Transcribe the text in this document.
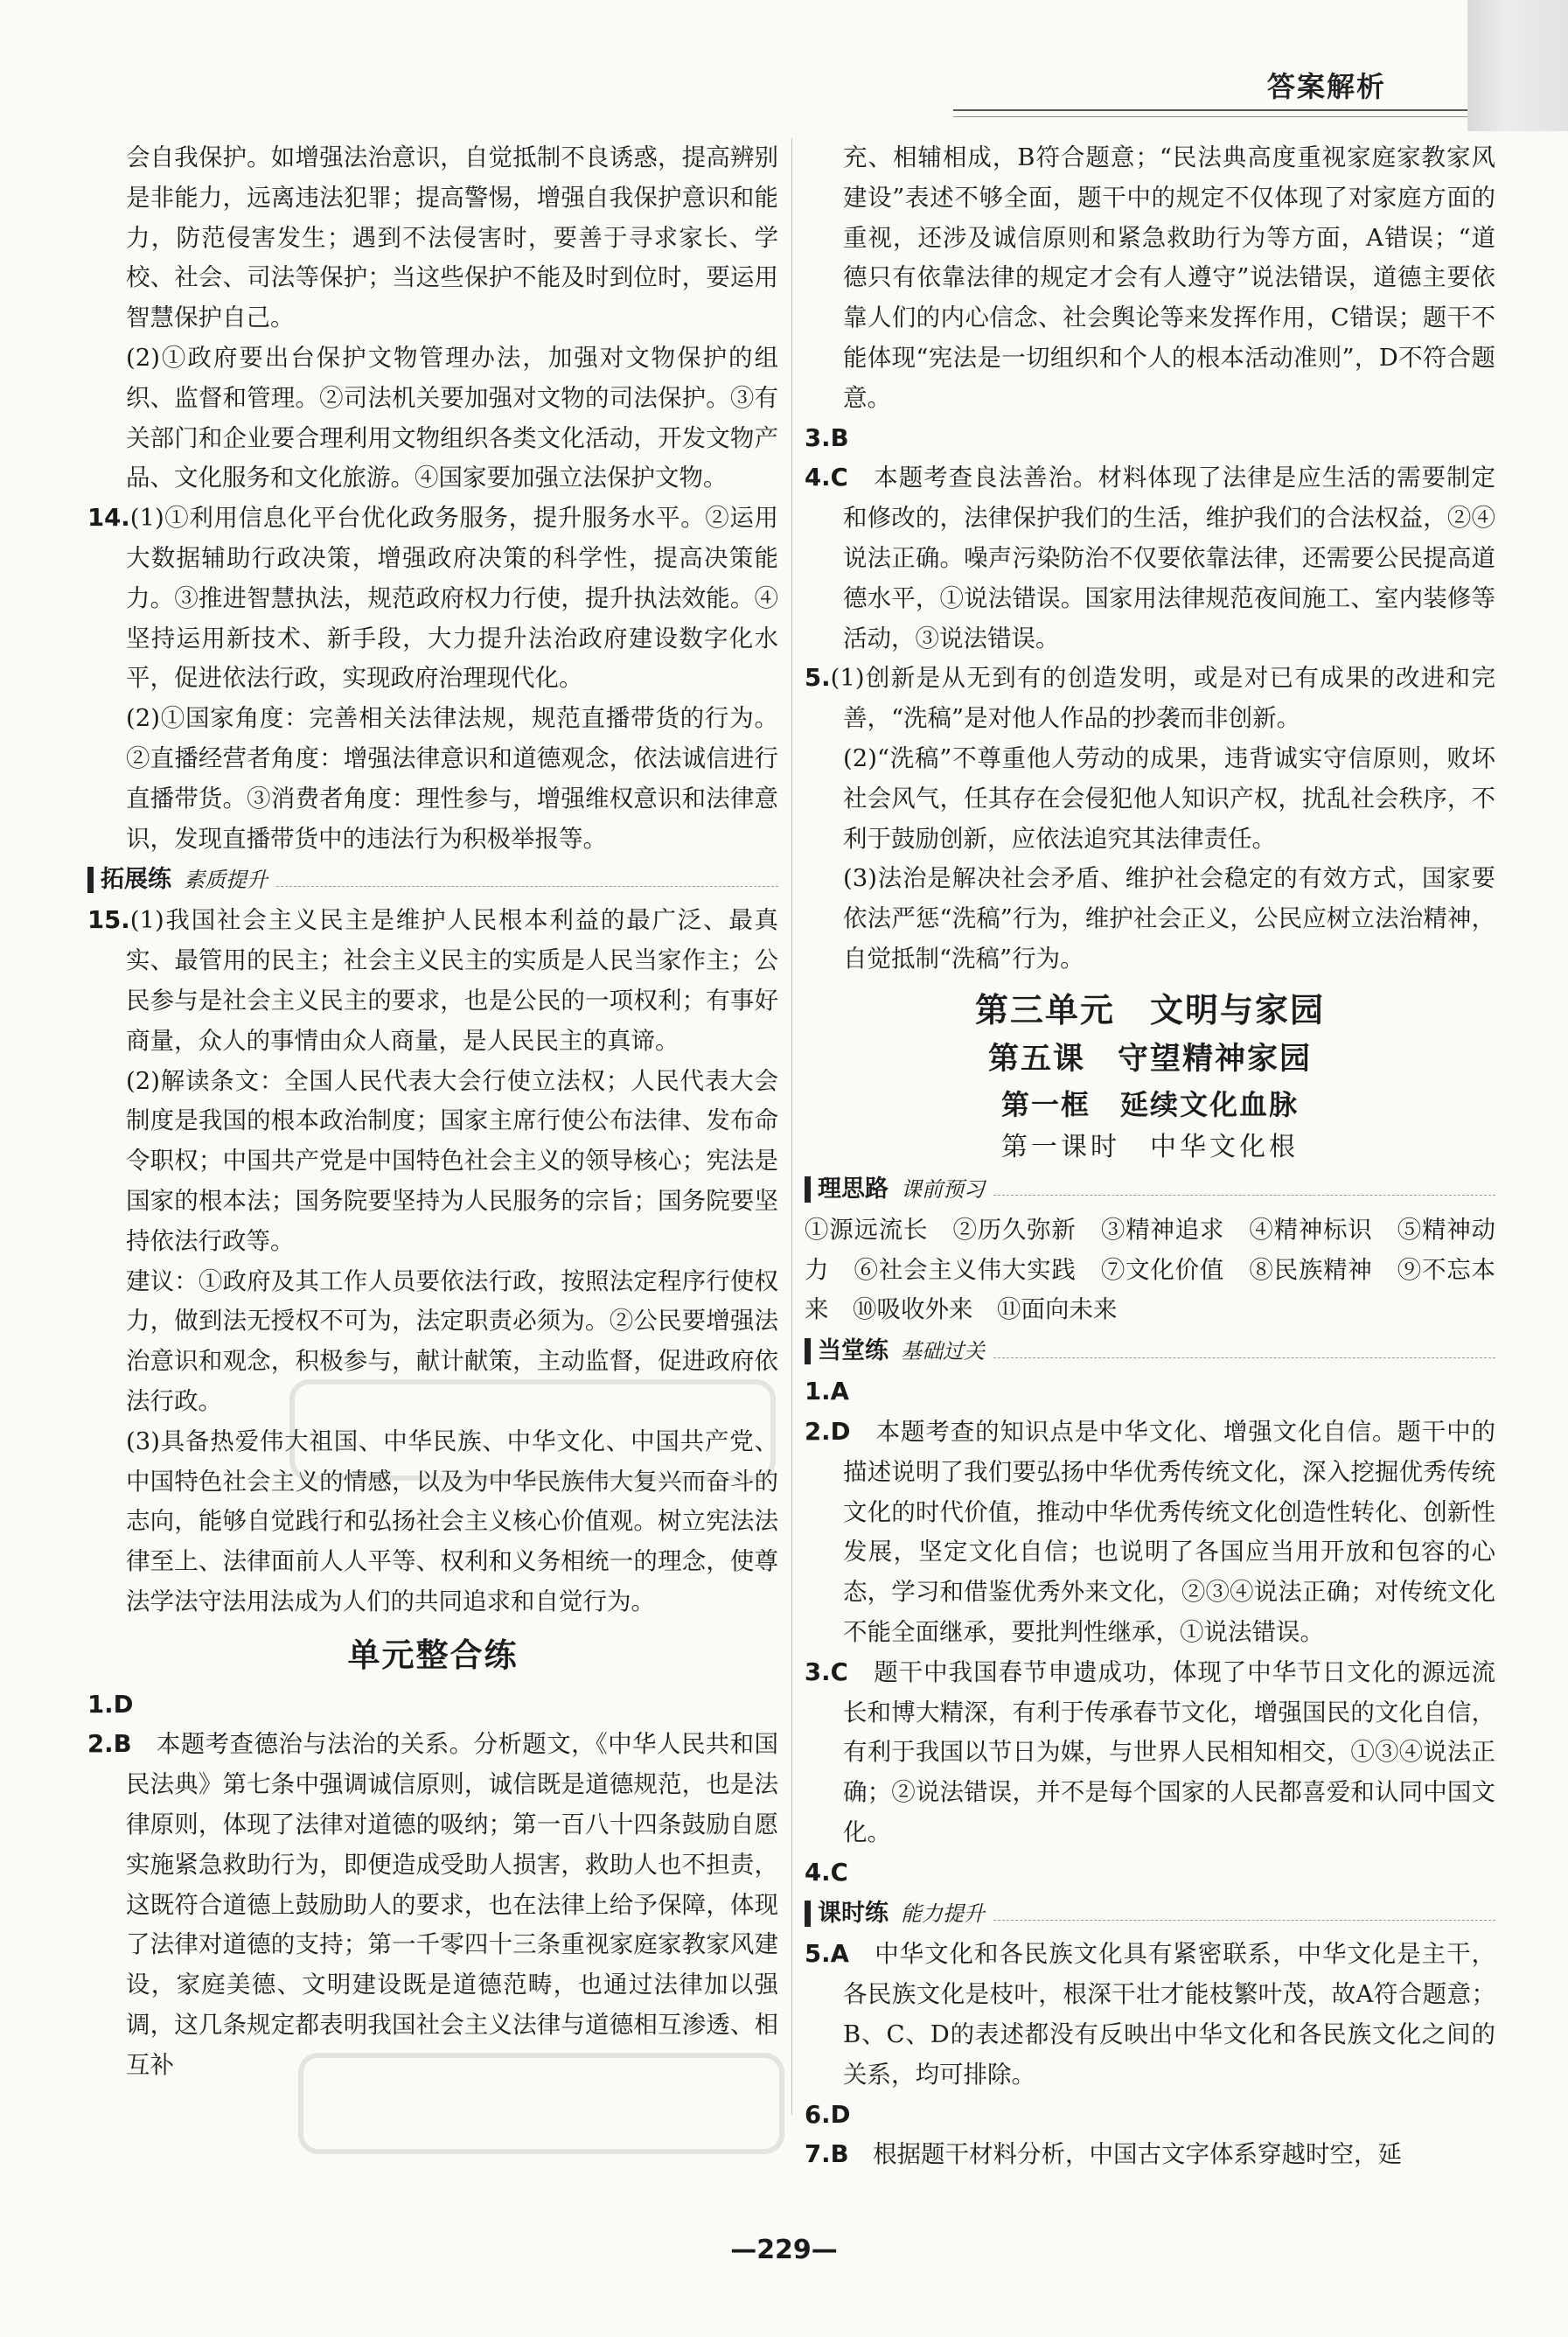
答案解析

会自我保护。如增强法治意识，自觉抵制不良诱惑，提高辨别是非能力，远离违法犯罪；提高警惕，增强自我保护意识和能力，防范侵害发生；遇到不法侵害时，要善于寻求家长、学校、社会、司法等保护；当这些保护不能及时到位时，要运用智慧保护自己。

(2)①政府要出台保护文物管理办法，加强对文物保护的组织、监督和管理。②司法机关要加强对文物的司法保护。③有关部门和企业要合理利用文物组织各类文化活动，开发文物产品、文化服务和文化旅游。④国家要加强立法保护文物。

14.(1)①利用信息化平台优化政务服务，提升服务水平。②运用大数据辅助行政决策，增强政府决策的科学性，提高决策能力。③推进智慧执法，规范政府权力行使，提升执法效能。④坚持运用新技术、新手段，大力提升法治政府建设数字化水平，促进依法行政，实现政府治理现代化。

(2)①国家角度：完善相关法律法规，规范直播带货的行为。②直播经营者角度：增强法律意识和道德观念，依法诚信进行直播带货。③消费者角度：理性参与，增强维权意识和法律意识，发现直播带货中的违法行为积极举报等。

拓展练 素质提升

15.(1)我国社会主义民主是维护人民根本利益的最广泛、最真实、最管用的民主；社会主义民主的实质是人民当家作主；公民参与是社会主义民主的要求，也是公民的一项权利；有事好商量，众人的事情由众人商量，是人民民主的真谛。

(2)解读条文：全国人民代表大会行使立法权；人民代表大会制度是我国的根本政治制度；国家主席行使公布法律、发布命令职权；中国共产党是中国特色社会主义的领导核心；宪法是国家的根本法；国务院要坚持为人民服务的宗旨；国务院要坚持依法行政等。

建议：①政府及其工作人员要依法行政，按照法定程序行使权力，做到法无授权不可为，法定职责必须为。②公民要增强法治意识和观念，积极参与，献计献策，主动监督，促进政府依法行政。

(3)具备热爱伟大祖国、中华民族、中华文化、中国共产党、中国特色社会主义的情感，以及为中华民族伟大复兴而奋斗的志向，能够自觉践行和弘扬社会主义核心价值观。树立宪法法律至上、法律面前人人平等、权利和义务相统一的理念，使尊法学法守法用法成为人们的共同追求和自觉行为。

单元整合练

1.D

2.B　 本题考查德治与法治的关系。分析题文，《中华人民共和国民法典》第七条中强调诚信原则，诚信既是道德规范，也是法律原则，体现了法律对道德的吸纳；第一百八十四条鼓励自愿实施紧急救助行为，即便造成受助人损害，救助人也不担责，这既符合道德上鼓励助人的要求，也在法律上给予保障，体现了法律对道德的支持；第一千零四十三条重视家庭家教家风建设，家庭美德、文明建设既是道德范畴，也通过法律加以强调，这几条规定都表明我国社会主义法律与道德相互渗透、相互补

充、相辅相成，B符合题意；“民法典高度重视家庭家教家风建设”表述不够全面，题干中的规定不仅体现了对家庭方面的重视，还涉及诚信原则和紧急救助行为等方面，A错误；“道德只有依靠法律的规定才会有人遵守”说法错误，道德主要依靠人们的内心信念、社会舆论等来发挥作用，C错误；题干不能体现“宪法是一切组织和个人的根本活动准则”，D不符合题意。

3.B

4.C　 本题考查良法善治。材料体现了法律是应生活的需要制定和修改的，法律保护我们的生活，维护我们的合法权益，②④说法正确。噪声污染防治不仅要依靠法律，还需要公民提高道德水平，①说法错误。国家用法律规范夜间施工、室内装修等活动，③说法错误。

5.(1)创新是从无到有的创造发明，或是对已有成果的改进和完善，“洗稿”是对他人作品的抄袭而非创新。

(2)“洗稿”不尊重他人劳动的成果，违背诚实守信原则，败坏社会风气，任其存在会侵犯他人知识产权，扰乱社会秩序，不利于鼓励创新，应依法追究其法律责任。

(3)法治是解决社会矛盾、维护社会稳定的有效方式，国家要依法严惩“洗稿”行为，维护社会正义，公民应树立法治精神，自觉抵制“洗稿”行为。

第三单元　文明与家园
第五课　守望精神家园
第一框　延续文化血脉
第一课时　中华文化根
理思路 课前预习

①源远流长　②历久弥新　③精神追求　④精神标识　⑤精神动力　⑥社会主义伟大实践　⑦文化价值　⑧民族精神　⑨不忘本来　⑩吸收外来　⑪面向未来

当堂练 基础过关

1.A

2.D　 本题考查的知识点是中华文化、增强文化自信。题干中的描述说明了我们要弘扬中华优秀传统文化，深入挖掘优秀传统文化的时代价值，推动中华优秀传统文化创造性转化、创新性发展，坚定文化自信；也说明了各国应当用开放和包容的心态，学习和借鉴优秀外来文化，②③④说法正确；对传统文化不能全面继承，要批判性继承，①说法错误。

3.C　 题干中我国春节申遗成功，体现了中华节日文化的源远流长和博大精深，有利于传承春节文化，增强国民的文化自信，有利于我国以节日为媒，与世界人民相知相交，①③④说法正确；②说法错误，并不是每个国家的人民都喜爱和认同中国文化。

4.C

课时练 能力提升

5.A　 中华文化和各民族文化具有紧密联系，中华文化是主干，各民族文化是枝叶，根深干壮才能枝繁叶茂，故A符合题意；B、C、D的表述都没有反映出中华文化和各民族文化之间的关系，均可排除。

6.D

7.B　 根据题干材料分析，中国古文字体系穿越时空，延

—229—
